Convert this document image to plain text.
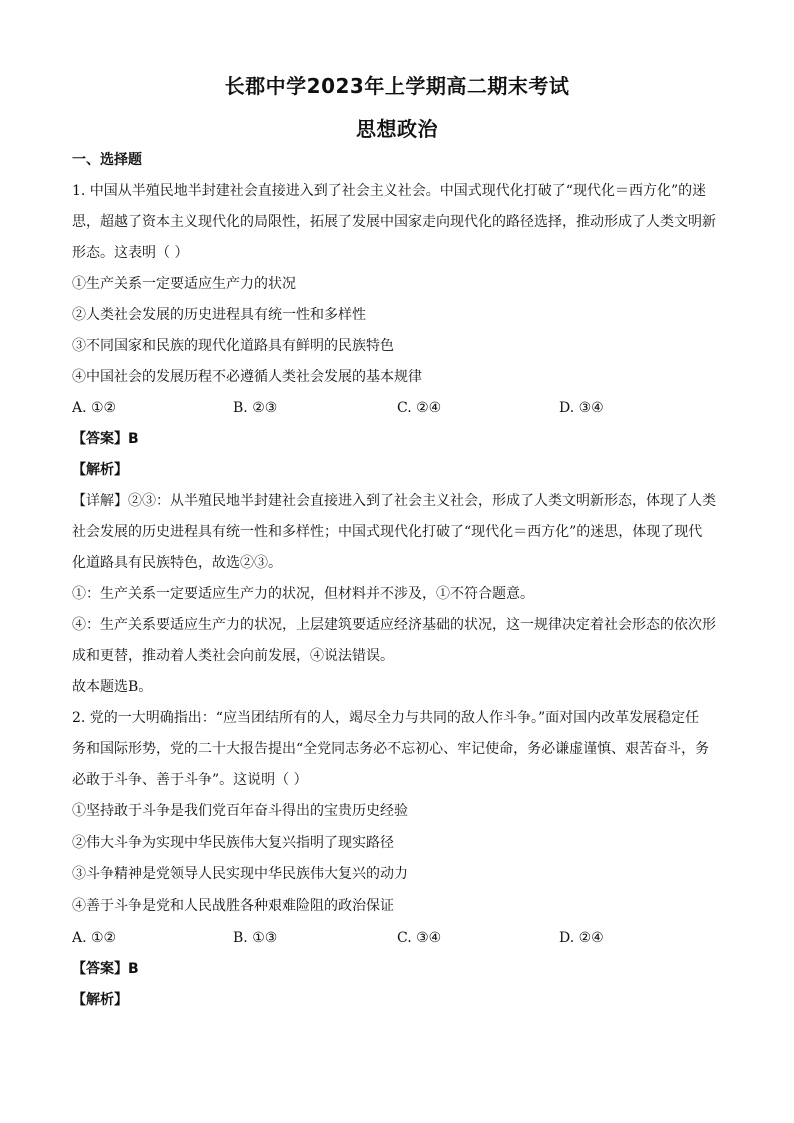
长郡中学2023年上学期高二期末考试
思想政治
一、选择题
1. 中国从半殖民地半封建社会直接进入到了社会主义社会。中国式现代化打破了“现代化＝西方化”的迷
思，超越了资本主义现代化的局限性，拓展了发展中国家走向现代化的路径选择，推动形成了人类文明新
形态。这表明（ ）
①生产关系一定要适应生产力的状况
②人类社会发展的历史进程具有统一性和多样性
③不同国家和民族的现代化道路具有鲜明的民族特色
④中国社会的发展历程不必遵循人类社会发展的基本规律
A. ①②	B. ②③	C. ②④	D. ③④
【答案】B
【解析】
【详解】②③：从半殖民地半封建社会直接进入到了社会主义社会，形成了人类文明新形态，体现了人类
社会发展的历史进程具有统一性和多样性；中国式现代化打破了“现代化＝西方化”的迷思，体现了现代
化道路具有民族特色，故选②③。
①：生产关系一定要适应生产力的状况，但材料并不涉及，①不符合题意。
④：生产关系要适应生产力的状况，上层建筑要适应经济基础的状况，这一规律决定着社会形态的依次形
成和更替，推动着人类社会向前发展，④说法错误。
故本题选B。
2. 党的一大明确指出：“应当团结所有的人，竭尽全力与共同的敌人作斗争。”面对国内改革发展稳定任
务和国际形势，党的二十大报告提出“全党同志务必不忘初心、牢记使命，务必谦虚谨慎、艰苦奋斗，务
必敢于斗争、善于斗争”。这说明（ ）
①坚持敢于斗争是我们党百年奋斗得出的宝贵历史经验
②伟大斗争为实现中华民族伟大复兴指明了现实路径
③斗争精神是党领导人民实现中华民族伟大复兴的动力
④善于斗争是党和人民战胜各种艰难险阻的政治保证
A. ①②	B. ①③	C. ③④	D. ②④
【答案】B
【解析】
